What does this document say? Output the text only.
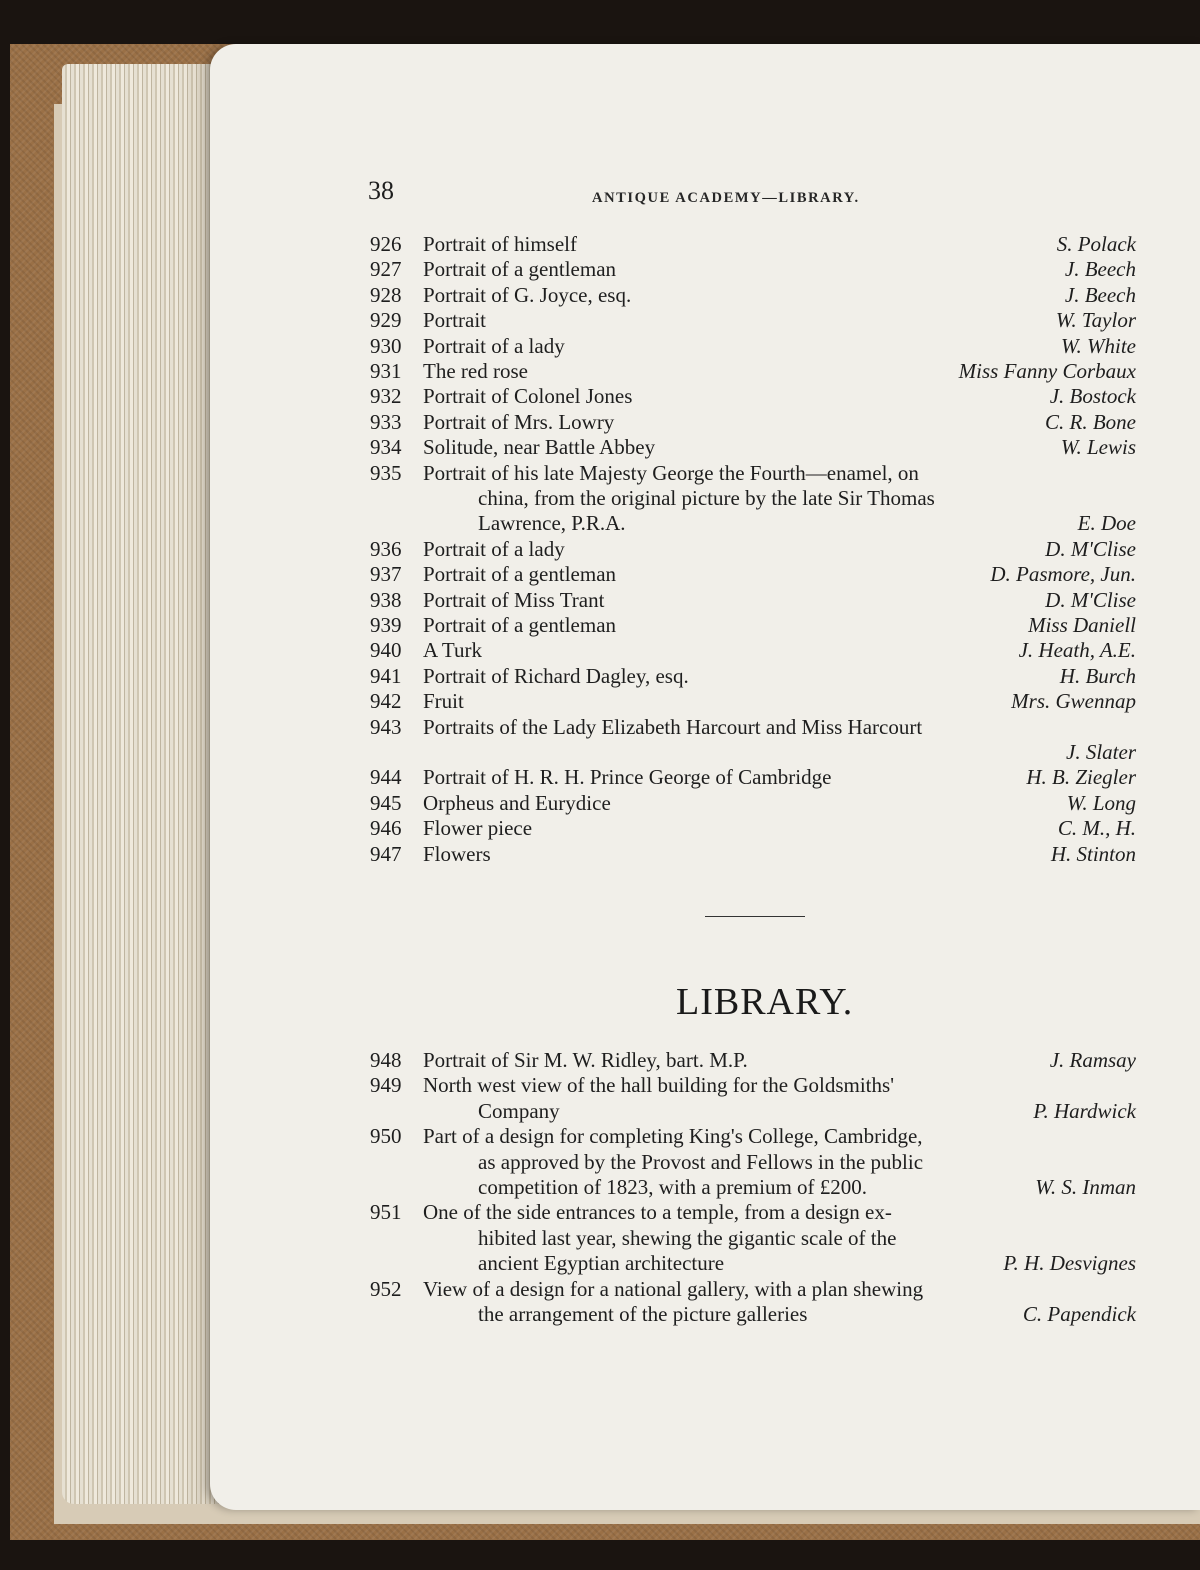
38	ANTIQUE ACADEMY—LIBRARY.
926	Portrait of himself	S. Polack
927	Portrait of a gentleman	J. Beech
928	Portrait of G. Joyce, esq.	J. Beech
929	Portrait	W. Taylor
930	Portrait of a lady	W. White
931	The red rose	Miss Fanny Corbaux
932	Portrait of Colonel Jones	J. Bostock
933	Portrait of Mrs. Lowry	C. R. Bone
934	Solitude, near Battle Abbey	W. Lewis
935	Portrait of his late Majesty George the Fourth—enamel, on
china, from the original picture by the late Sir Thomas
Lawrence, P.R.A.	E. Doe
936	Portrait of a lady	D. M'Clise
937	Portrait of a gentleman	D. Pasmore, Jun.
938	Portrait of Miss Trant	D. M'Clise
939	Portrait of a gentleman	Miss Daniell
940	A Turk	J. Heath, A.E.
941	Portrait of Richard Dagley, esq.	H. Burch
942	Fruit	Mrs. Gwennap
943	Portraits of the Lady Elizabeth Harcourt and Miss Harcourt
J. Slater
944	Portrait of H. R. H. Prince George of Cambridge	H. B. Ziegler
945	Orpheus and Eurydice	W. Long
946	Flower piece	C. M., H.
947	Flowers	H. Stinton
LIBRARY.
948	Portrait of Sir M. W. Ridley, bart. M.P.	J. Ramsay
949	North west view of the hall building for the Goldsmiths'
Company	P. Hardwick
950	Part of a design for completing King's College, Cambridge,
as approved by the Provost and Fellows in the public
competition of 1823, with a premium of £200.	W. S. Inman
951	One of the side entrances to a temple, from a design ex-
hibited last year, shewing the gigantic scale of the
ancient Egyptian architecture	P. H. Desvignes
952	View of a design for a national gallery, with a plan shewing
the arrangement of the picture galleries	C. Papendick
